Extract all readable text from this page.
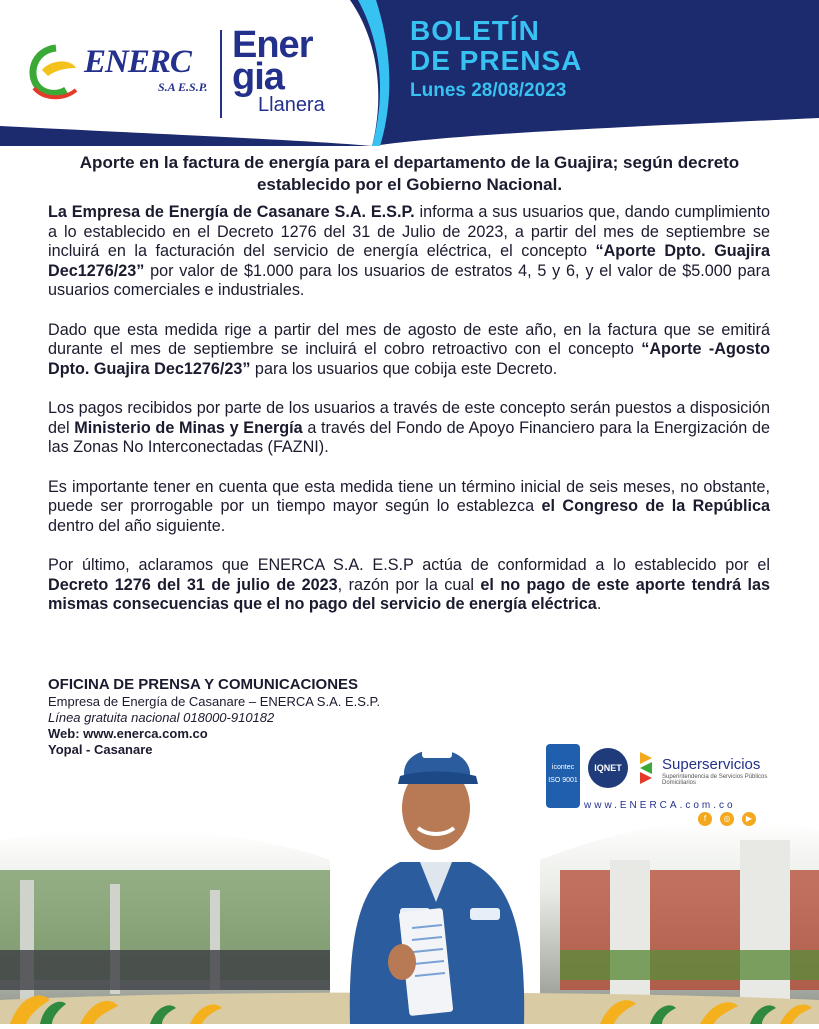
ENERC
S.A E.S.P.
Ener
gia
Llanera
BOLETÍN
DE PRENSA
Lunes 28/08/2023
Aporte en la factura de energía para el departamento de la Guajira; según decreto establecido por el Gobierno Nacional.

La Empresa de Energía de Casanare S.A. E.S.P. informa a sus usuarios que, dando cumplimiento a lo establecido en el Decreto 1276 del 31 de Julio de 2023, a partir del mes de septiembre se incluirá en la facturación del servicio de energía eléctrica, el concepto “Aporte Dpto. Guajira Dec1276/23” por valor de $1.000 para los usuarios de estratos 4, 5 y 6, y el valor de $5.000 para usuarios comerciales e industriales.

Dado que esta medida rige a partir del mes de agosto de este año, en la factura que se emitirá durante el mes de septiembre se incluirá el cobro retroactivo con el concepto “Aporte -Agosto Dpto. Guajira Dec1276/23” para los usuarios que cobija este Decreto.

Los pagos recibidos por parte de los usuarios a través de este concepto serán puestos a disposición del Ministerio de Minas y Energía a través del Fondo de Apoyo Financiero para la Energización de las Zonas No Interconectadas (FAZNI).

Es importante tener en cuenta que esta medida tiene un término inicial de seis meses, no obstante, puede ser prorrogable por un tiempo mayor según lo establezca el Congreso de la República dentro del año siguiente.

Por último, aclaramos que ENERCA S.A. E.S.P actúa de conformidad a lo establecido por el Decreto 1276 del 31 de julio de 2023, razón por la cual el no pago de este aporte tendrá las mismas consecuencias que el no pago del servicio de energía eléctrica.

OFICINA DE PRENSA Y COMUNICACIONES
Empresa de Energía de Casanare – ENERCA S.A. E.S.P.
Línea gratuita nacional 018000-910182
Web: www.enerca.com.co
Yopal - Casanare
icontec
ISO 9001
IQNET	Superservicios
Superintendencia de Servicios Públicos Domiciliarios
www.ENERCA.com.co
f	◎	▶
